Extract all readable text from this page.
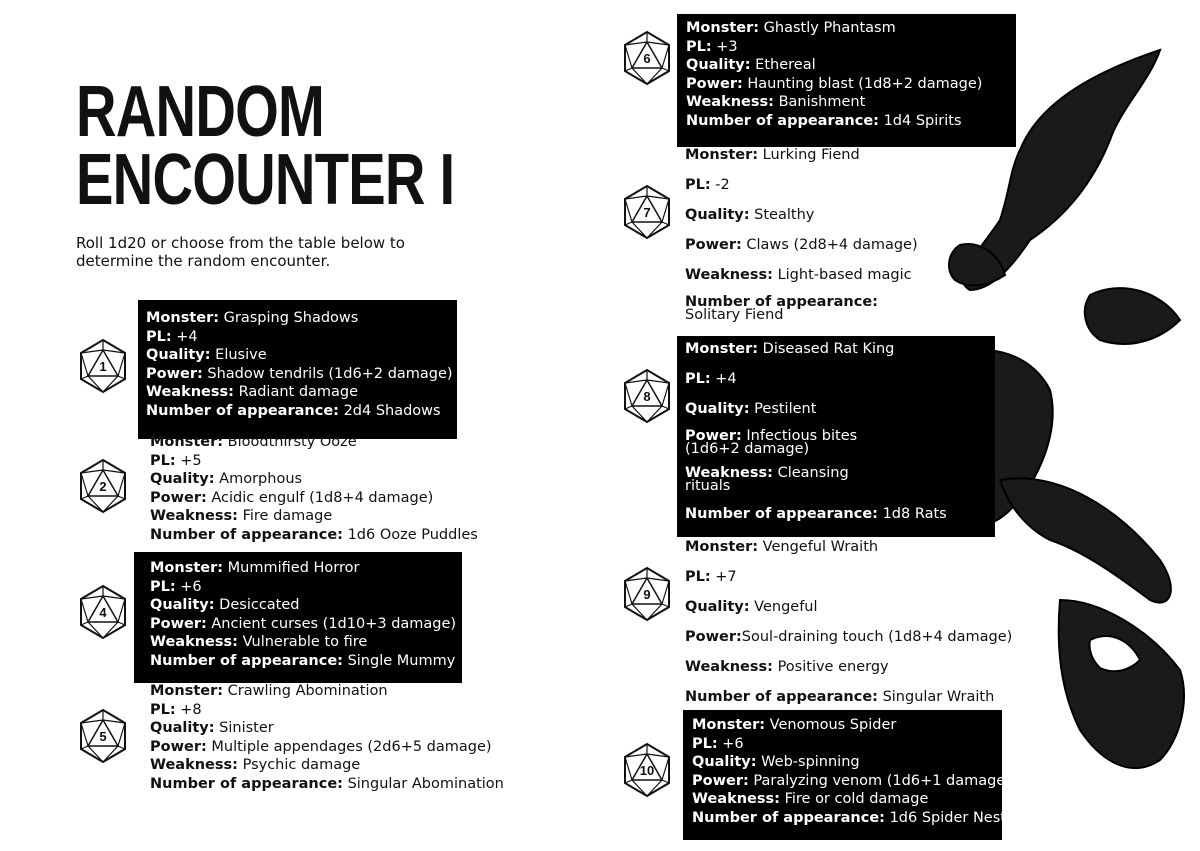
RANDOM
ENCOUNTER I

Roll 1d20 or choose from the table below to determine the random encounter.

1
Monster: Grasping Shadows
PL: +4
Quality: Elusive
Power: Shadow tendrils (1d6+2 damage)
Weakness: Radiant damage
Number of appearance: 2d4 Shadows
2
Monster: Bloodthirsty Ooze
PL: +5
Quality: Amorphous
Power: Acidic engulf (1d8+4 damage)
Weakness: Fire damage
Number of appearance: 1d6 Ooze Puddles
4
Monster: Mummified Horror
PL: +6
Quality: Desiccated
Power: Ancient curses (1d10+3 damage)
Weakness: Vulnerable to fire
Number of appearance: Single Mummy
5
Monster: Crawling Abomination
PL: +8
Quality: Sinister
Power: Multiple appendages (2d6+5 damage)
Weakness: Psychic damage
Number of appearance: Singular Abomination
6
Monster: Ghastly Phantasm
PL: +3
Quality: Ethereal
Power: Haunting blast (1d8+2 damage)
Weakness: Banishment
Number of appearance: 1d4 Spirits
7
Monster: Lurking Fiend
PL: -2
Quality: Stealthy
Power: Claws (2d8+4 damage)
Weakness: Light-based magic
Number of appearance: Solitary Fiend
8
Monster: Diseased Rat King
PL: +4
Quality: Pestilent
Power: Infectious bites (1d6+2 damage)
Weakness: Cleansing rituals
Number of appearance: 1d8 Rats
9
Monster: Vengeful Wraith
PL: +7
Quality: Vengeful
Power:Soul-draining touch (1d8+4 damage)
Weakness: Positive energy
Number of appearance: Singular Wraith
10
Monster: Venomous Spider
PL: +6
Quality: Web-spinning
Power: Paralyzing venom (1d6+1 damage)
Weakness: Fire or cold damage
Number of appearance: 1d6 Spider Nests
